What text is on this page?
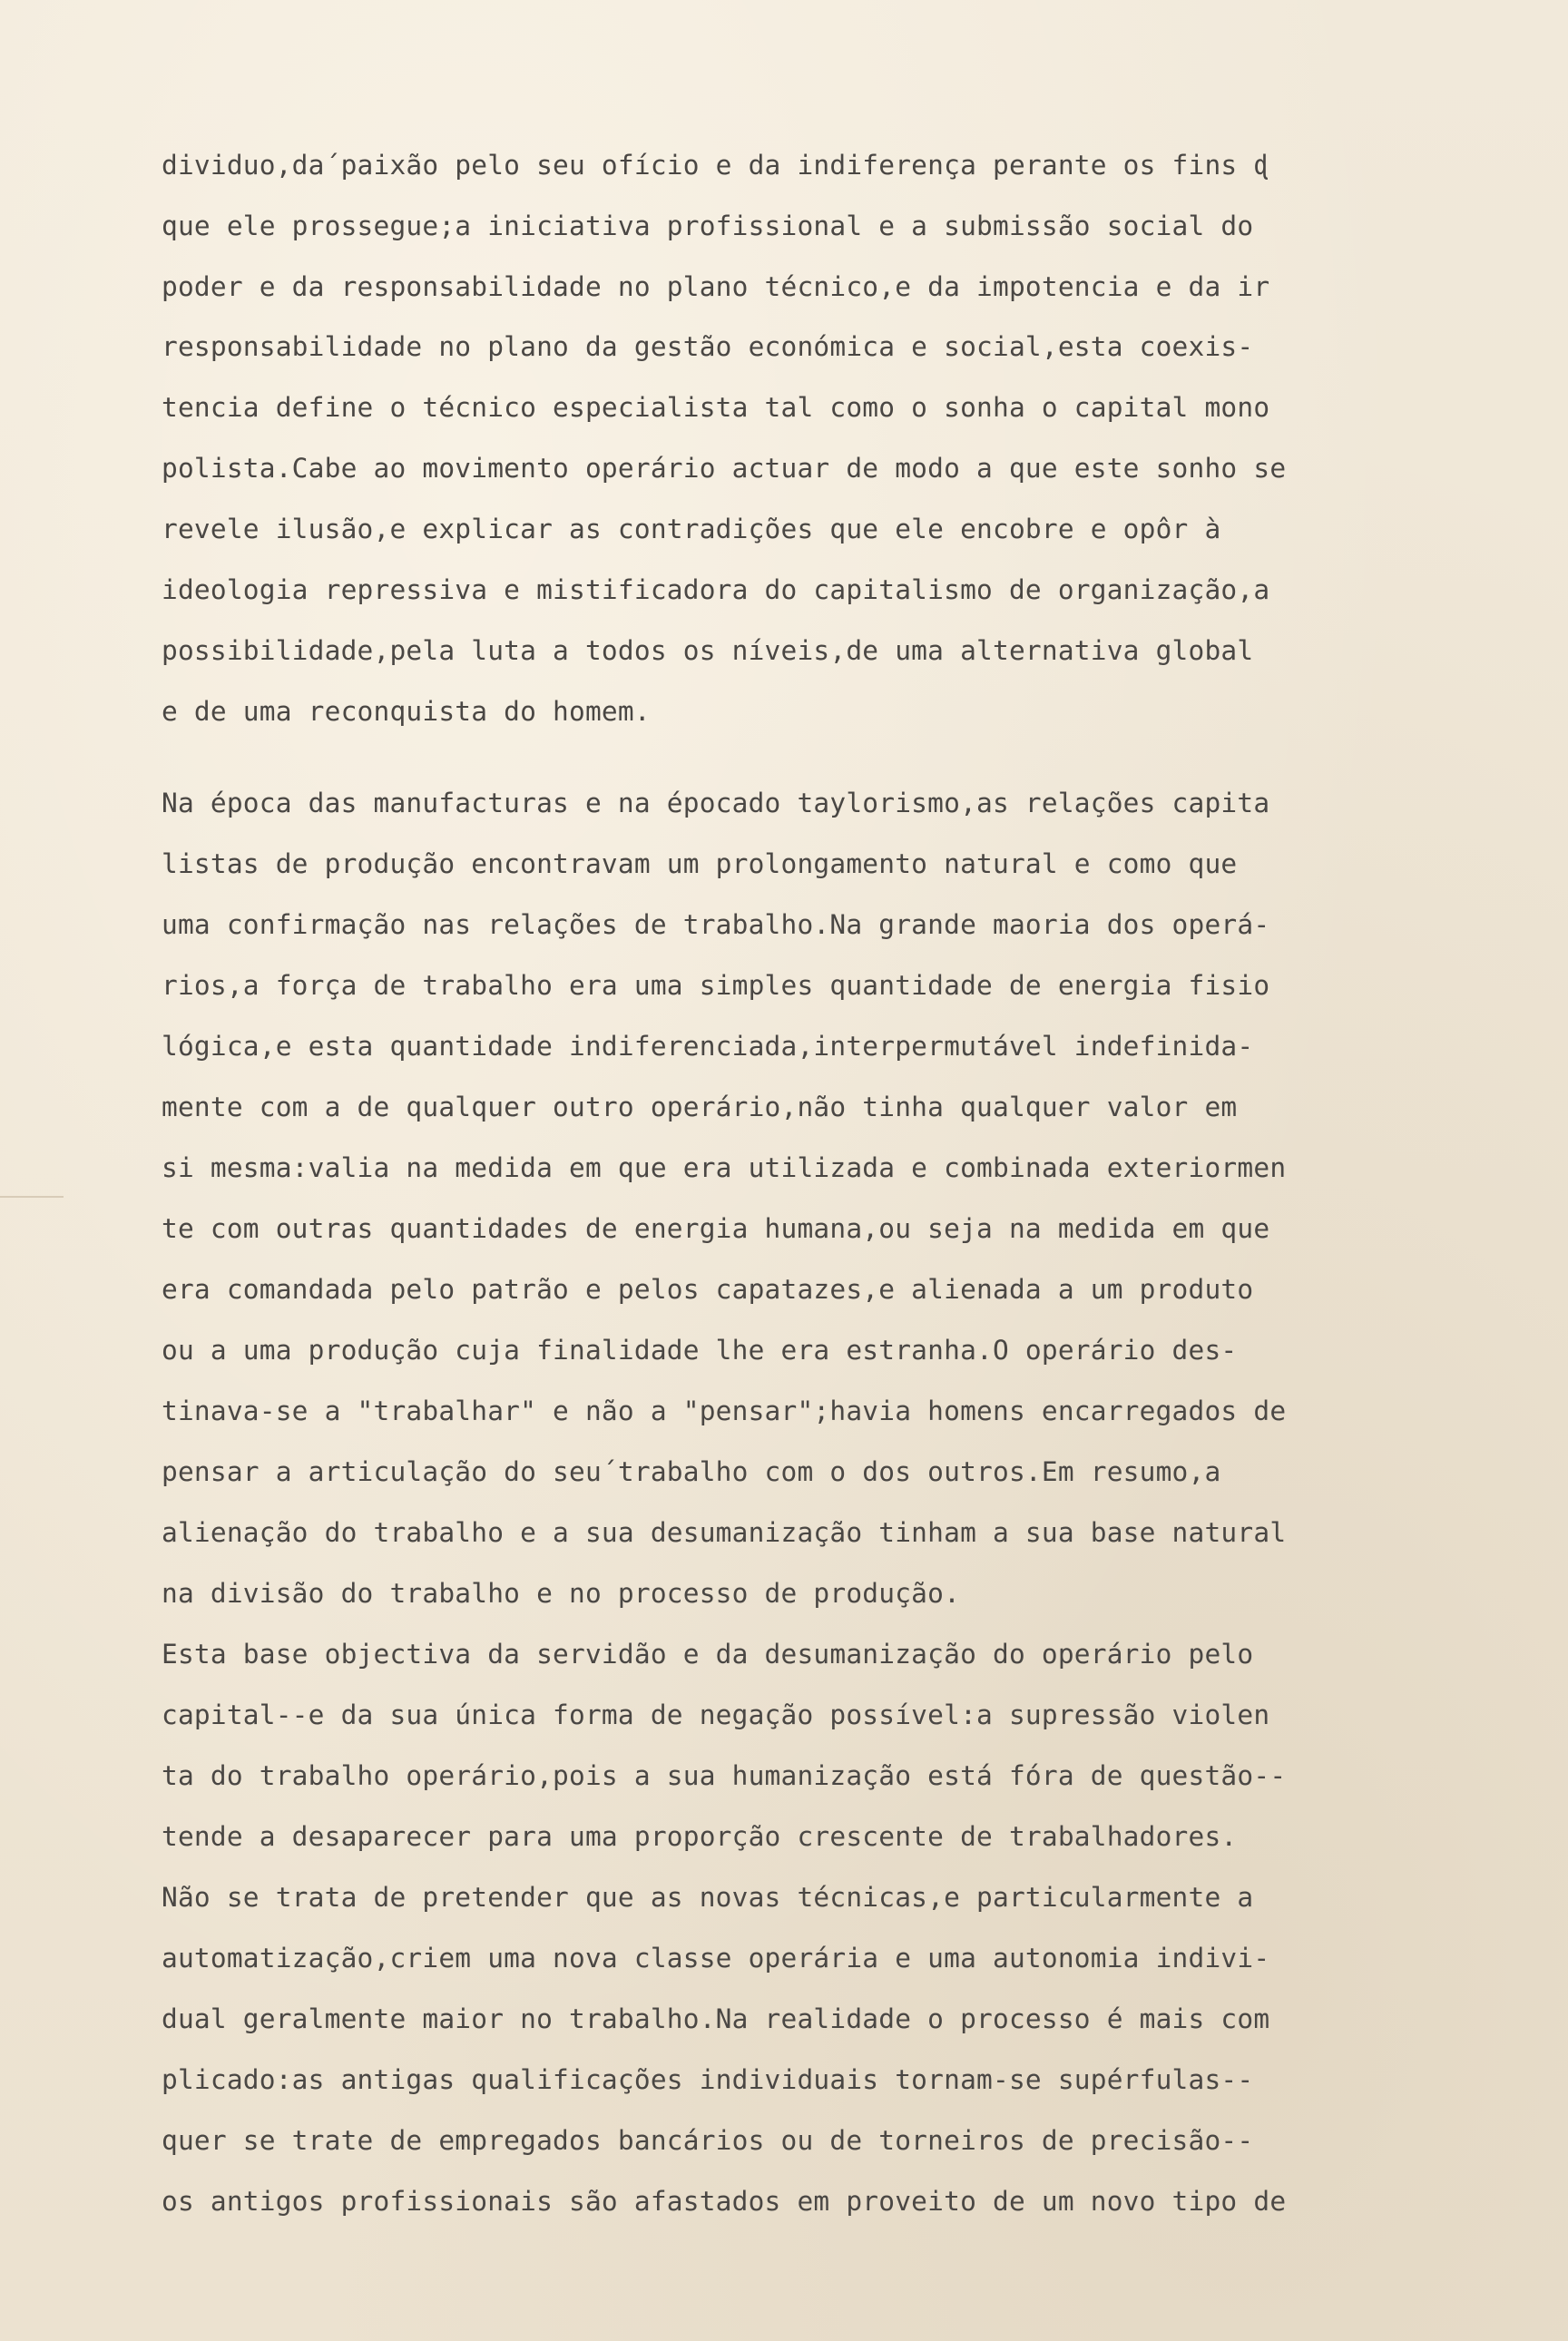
dividuo,da´paixão pelo seu ofício e da indiferença perante os fins ɖ

que ele prossegue;a iniciativa profissional e a submissão social do

poder e da responsabilidade no plano técnico,e da impotencia e da ir

responsabilidade no plano da gestão económica e social,esta coexis-

tencia define o técnico especialista tal como o sonha o capital mono

polista.Cabe ao movimento operário actuar de modo a que este sonho se

revele ilusão,e explicar as contradições que ele encobre e opôr à

ideologia repressiva e mistificadora do capitalismo de organização,a

possibilidade,pela luta a todos os níveis,de uma alternativa global

e de uma reconquista do homem.

Na época das manufacturas e na épocado taylorismo,as relações capita

listas de produção encontravam um prolongamento natural e como que

uma confirmação nas relações de trabalho.Na grande maoria dos operá-

rios,a força de trabalho era uma simples quantidade de energia fisio

lógica,e esta quantidade indiferenciada,interpermutável indefinida-

mente com a de qualquer outro operário,não tinha qualquer valor em

si mesma:valia na medida em que era utilizada e combinada exteriormen

te com outras quantidades de energia humana,ou seja na medida em que

era comandada pelo patrão e pelos capatazes,e alienada a um produto

ou a uma produção cuja finalidade lhe era estranha.O operário des-

tinava-se a "trabalhar" e não a "pensar";havia homens encarregados de

pensar a articulação do seu´trabalho com o dos outros.Em resumo,a

alienação do trabalho e a sua desumanização tinham a sua base natural

na divisão do trabalho e no processo de produção.

Esta base objectiva da servidão e da desumanização do operário pelo

capital--e da sua única forma de negação possível:a supressão violen

ta do trabalho operário,pois a sua humanização está fóra de questão--

tende a desaparecer para uma proporção crescente de trabalhadores.

Não se trata de pretender que as novas técnicas,e particularmente a

automatização,criem uma nova classe operária e uma autonomia indivi-

dual geralmente maior no trabalho.Na realidade o processo é mais com

plicado:as antigas qualificações individuais tornam-se supérfulas--

quer se trate de empregados bancários ou de torneiros de precisão--

os antigos profissionais são afastados em proveito de um novo tipo de
